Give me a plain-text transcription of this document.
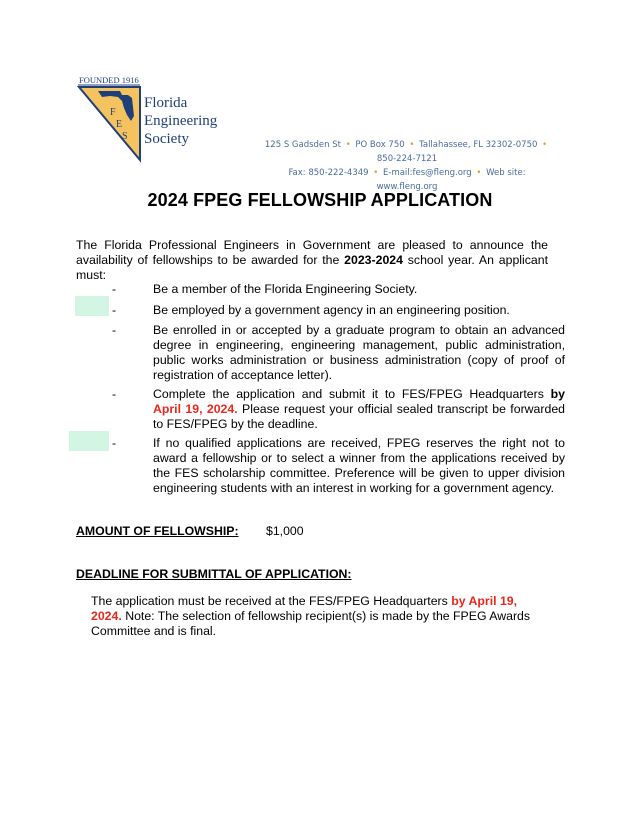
FOUNDED 1916
F
E
S
Florida
Engineering
Society	125 S Gadsden St • PO Box 750 • Tallahassee, FL 32302-0750 • 850-224-7121
Fax: 850-222-4349 • E-mail:fes@fleng.org • Web site: www.fleng.org
2024 FPEG FELLOWSHIP APPLICATION
The Florida Professional Engineers in Government are pleased to announce the availability of fellowships to be awarded for the 2023-2024 school year. An applicant must:
-	Be a member of the Florida Engineering Society.
-	Be employed by a government agency in an engineering position.
-	Be enrolled in or accepted by a graduate program to obtain an advanced degree in engineering, engineering management, public administration, public works administration or business administration (copy of proof of registration of acceptance letter).
-	Complete the application and submit it to FES/FPEG Headquarters by April 19, 2024. Please request your official sealed transcript be forwarded to FES/FPEG by the deadline.
-	If no qualified applications are received, FPEG reserves the right not to award a fellowship or to select a winner from the applications received by the FES scholarship committee. Preference will be given to upper division engineering students with an interest in working for a government agency.
AMOUNT OF FELLOWSHIP: $1,000
DEADLINE FOR SUBMITTAL OF APPLICATION:
The application must be received at the FES/FPEG Headquarters by April 19, 2024. Note: The selection of fellowship recipient(s) is made by the FPEG Awards Committee and is final.
